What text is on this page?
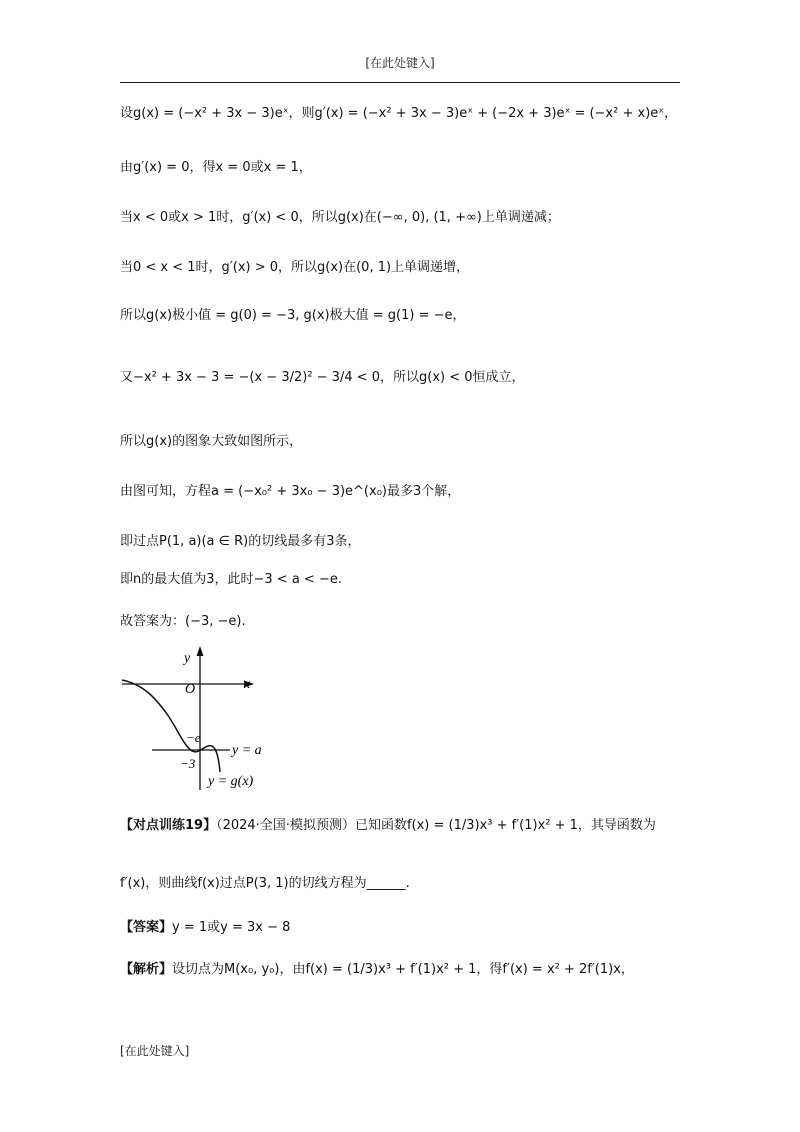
[在此处键入]
设g(x) = (−x² + 3x − 3)eˣ，则g′(x) = (−x² + 3x − 3)eˣ + (−2x + 3)eˣ = (−x² + x)eˣ，
由g′(x) = 0，得x = 0或x = 1，
当x < 0或x > 1时，g′(x) < 0，所以g(x)在(−∞, 0), (1, +∞)上单调递减；
当0 < x < 1时，g′(x) > 0，所以g(x)在(0, 1)上单调递增，
所以g(x)极小值 = g(0) = −3, g(x)极大值 = g(1) = −e，
又−x² + 3x − 3 = −(x − 3/2)² − 3/4 < 0，所以g(x) < 0恒成立，
所以g(x)的图象大致如图所示，
由图可知，方程a = (−x₀² + 3x₀ − 3)e^(x₀)最多3个解，
即过点P(1, a)(a ∈ R)的切线最多有3条，
即n的最大值为3，此时−3 < a < −e.
故答案为：(−3, −e).
y
x
O
−e
−3
y = a
y = g(x)
【对点训练19】（2024·全国·模拟预测）已知函数f(x) = (1/3)x³ + f′(1)x² + 1，其导函数为
f′(x)，则曲线f(x)过点P(3, 1)的切线方程为______.
【答案】y = 1或y = 3x − 8
【解析】设切点为M(x₀, y₀)，由f(x) = (1/3)x³ + f′(1)x² + 1，得f′(x) = x² + 2f′(1)x，
[在此处键入]
